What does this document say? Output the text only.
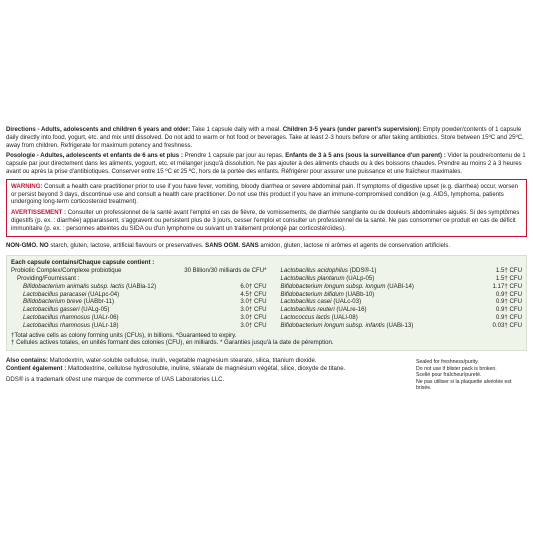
Directions - Adults, adolescents and children 6 years and older: Take 1 capsule daily with a meal. Children 3-5 years (under parent's supervision): Empty powder/contents of 1 capsule daily directly into food, yogurt, etc. and mix until dissolved. Do not add to warm or hot food or beverages. Take at least 2-3 hours before or after taking antibiotics. Store between 15ºC and 25ºC, away from children. Refrigerate for maximum potency and freshness.

Posologie - Adultes, adolescents et enfants de 6 ans et plus : Prendre 1 capsule par jour au repas. Enfants de 3 à 5 ans (sous la surveillance d'un parent) : Vider la poudre/contenu de 1 capsule par jour directement dans les aliments, yogourt, etc. et mélanger jusqu'à dissolution. Ne pas ajouter à des aliments chauds ou à des boissons chaudes. Prendre au moins 2 à 3 heures avant ou après la prise d'antibiotiques. Conserver entre 15 ºC et 25 ºC, hors de la portée des enfants. Réfrigérer pour assurer une puissance et une fraîcheur maximales.

WARNING: Consult a health care practitioner prior to use if you have fever, vomiting, bloody diarrhea or severe abdominal pain. If symptoms of digestive upset (e.g. diarrhea) occur, worsen or persist beyond 3 days, discontinue use and consult a health care practitioner. Do not use this product if you have an immune-compromised condition (e.g. AIDS, lymphoma, patients undergoing long-term corticosteroid treatment).

AVERTISSEMENT : Consulter un professionnel de la santé avant l'emploi en cas de fièvre, de vomissements, de diarrhée sanglante ou de douleurs abdominales aiguës. Si des symptômes digestifs (p. ex. : diarrhée) apparaissent, s'aggravent ou persistent plus de 3 jours, cesser l'emploi et consulter un professionnel de la santé. Ne pas consommer ce produit en cas de déficit immunitaire (p. ex. : personnes atteintes du SIDA ou d'un lymphome ou suivant un traitement prolongé par corticostéroïdes).

NON-GMO. NO starch, gluten, lactose, artificial flavours or preservatives. SANS OGM. SANS amidon, gluten, lactose ni arômes et agents de conservation artificiels.

Each capsule contains/Chaque capsule contient :

Probiotic Complex/Complexe probiotique	30 Billion/30 milliards de CFU*
Providing/Fournissant :
Bifidobacterium animalis subsp. lactis (UABla-12)	6.0† CFU
Lactobacillus paracasei (UALpc-04)	4.5† CFU
Bifidobacterium breve (UABbr-11)	3.0† CFU
Lactobacillus gasseri (UALg-05)	3.0† CFU
Lactobacillus rhamnosus (UALr-06)	3.0† CFU
Lactobacillus rhamnosus (UALr-18)	3.0† CFU
Lactobacillus acidophilus (DDS®-1)	1.5† CFU
Lactobacillus plantarum (UALp-05)	1.5† CFU
Bifidobacterium longum subsp. longum (UABl-14)	1.17† CFU
Bifidobacterium bifidum (UABb-10)	0.9† CFU
Lactobacillus casei (UALc-03)	0.9† CFU
Lactobacillus reuteri (UALre-16)	0.9† CFU
Lactococcus lactis (UALl-08)	0.9† CFU
Bifidobacterium longum subsp. infantis (UABi-13)	0.03† CFU

†Total active cells as colony forming units (CFUs), in billions. *Guaranteed to expiry.

† Cellules actives totales, en unités formant des colonies (CFU), en milliards. * Garanties jusqu'à la date de péremption.

Also contains: Maltodextrin, water-soluble cellulose, inulin, vegetable magnesium stearate, silica, titanium dioxide.

Contient également : Maltodextrine, cellulose hydrosoluble, inuline, stéarate de magnésium végétal, silice, dioxyde de titane.

DDS® is a trademark of/est une marque de commerce of UAS Laboratories LLC.

Sealed for freshness/purity.
Do not use if blister pack is broken.
Scellé pour fraîcheur/pureté.
Ne pas utiliser si la plaquette alvéolée est brisée.
